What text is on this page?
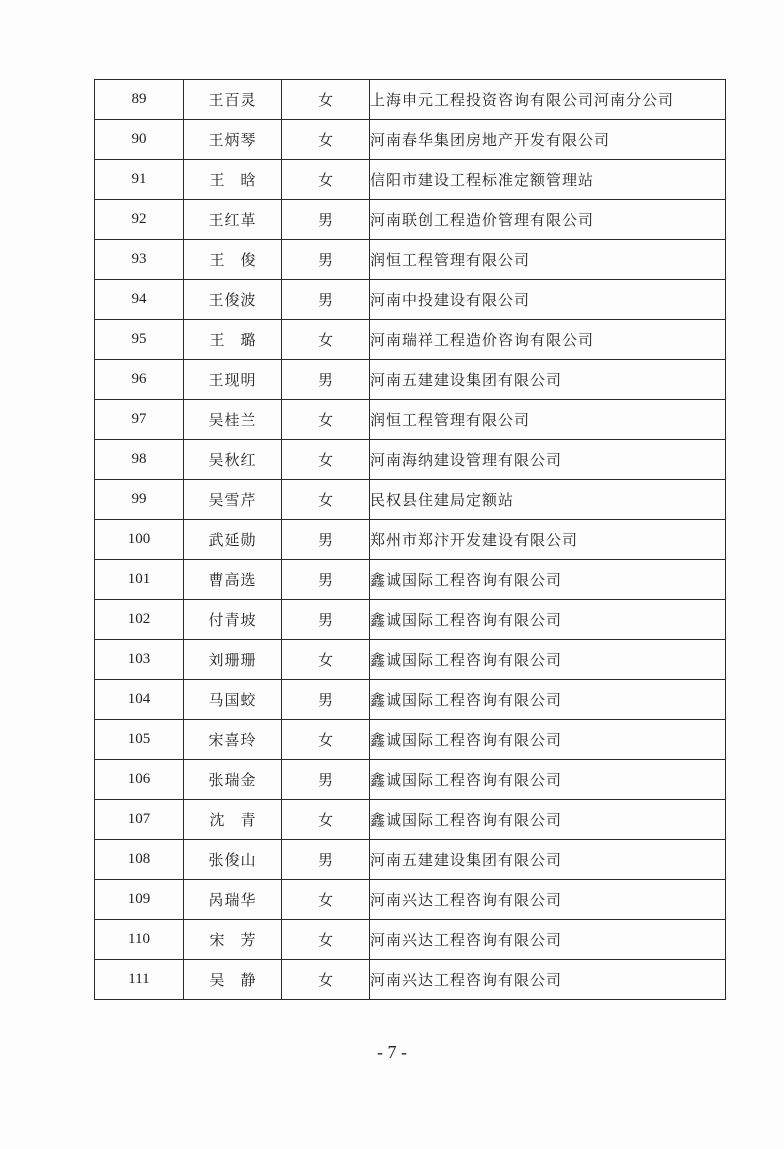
89	王百灵	女	上海申元工程投资咨询有限公司河南分公司
90	王炳琴	女	河南春华集团房地产开发有限公司
91	王晗	女	信阳市建设工程标准定额管理站
92	王红革	男	河南联创工程造价管理有限公司
93	王俊	男	润恒工程管理有限公司
94	王俊波	男	河南中投建设有限公司
95	王璐	女	河南瑞祥工程造价咨询有限公司
96	王现明	男	河南五建建设集团有限公司
97	吴桂兰	女	润恒工程管理有限公司
98	吴秋红	女	河南海纳建设管理有限公司
99	吴雪芹	女	民权县住建局定额站
100	武延勋	男	郑州市郑汴开发建设有限公司
101	曹高选	男	鑫诚国际工程咨询有限公司
102	付青坡	男	鑫诚国际工程咨询有限公司
103	刘珊珊	女	鑫诚国际工程咨询有限公司
104	马国蛟	男	鑫诚国际工程咨询有限公司
105	宋喜玲	女	鑫诚国际工程咨询有限公司
106	张瑞金	男	鑫诚国际工程咨询有限公司
107	沈青	女	鑫诚国际工程咨询有限公司
108	张俊山	男	河南五建建设集团有限公司
109	呙瑞华	女	河南兴达工程咨询有限公司
110	宋芳	女	河南兴达工程咨询有限公司
111	吴静	女	河南兴达工程咨询有限公司
- 7 -
